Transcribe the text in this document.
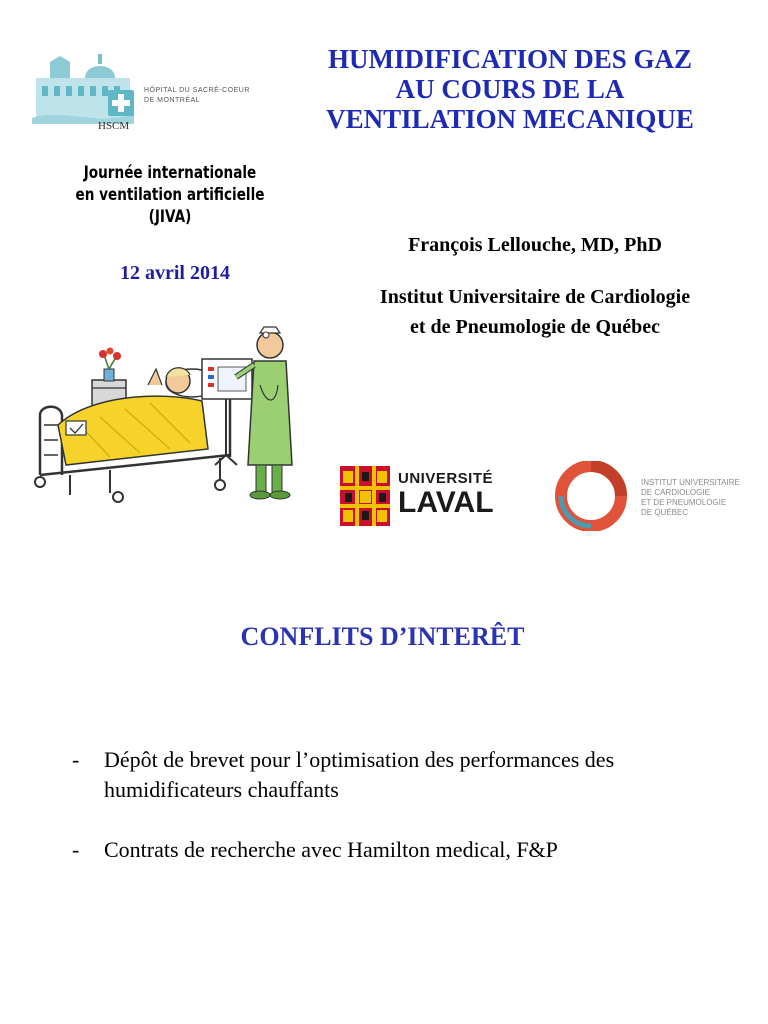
HÔPITAL DU SACRÉ-COEUR DE MONTRÉAL
HSCM
Journée internationale en ventilation artificielle (JIVA)
12 avril 2014
HUMIDIFICATION DES GAZ
AU COURS DE LA
VENTILATION MECANIQUE
François Lellouche, MD, PhD
Institut Universitaire de Cardiologie
et de Pneumologie de Québec
UNIVERSITÉ
LAVAL
INSTITUT UNIVERSITAIRE
DE CARDIOLOGIE
ET DE PNEUMOLOGIE
DE QUÉBEC
CONFLITS D’INTERÊT
- Dépôt de brevet pour l’optimisation des performances des humidificateurs chauffants
- Contrats de recherche avec Hamilton medical, F&P
